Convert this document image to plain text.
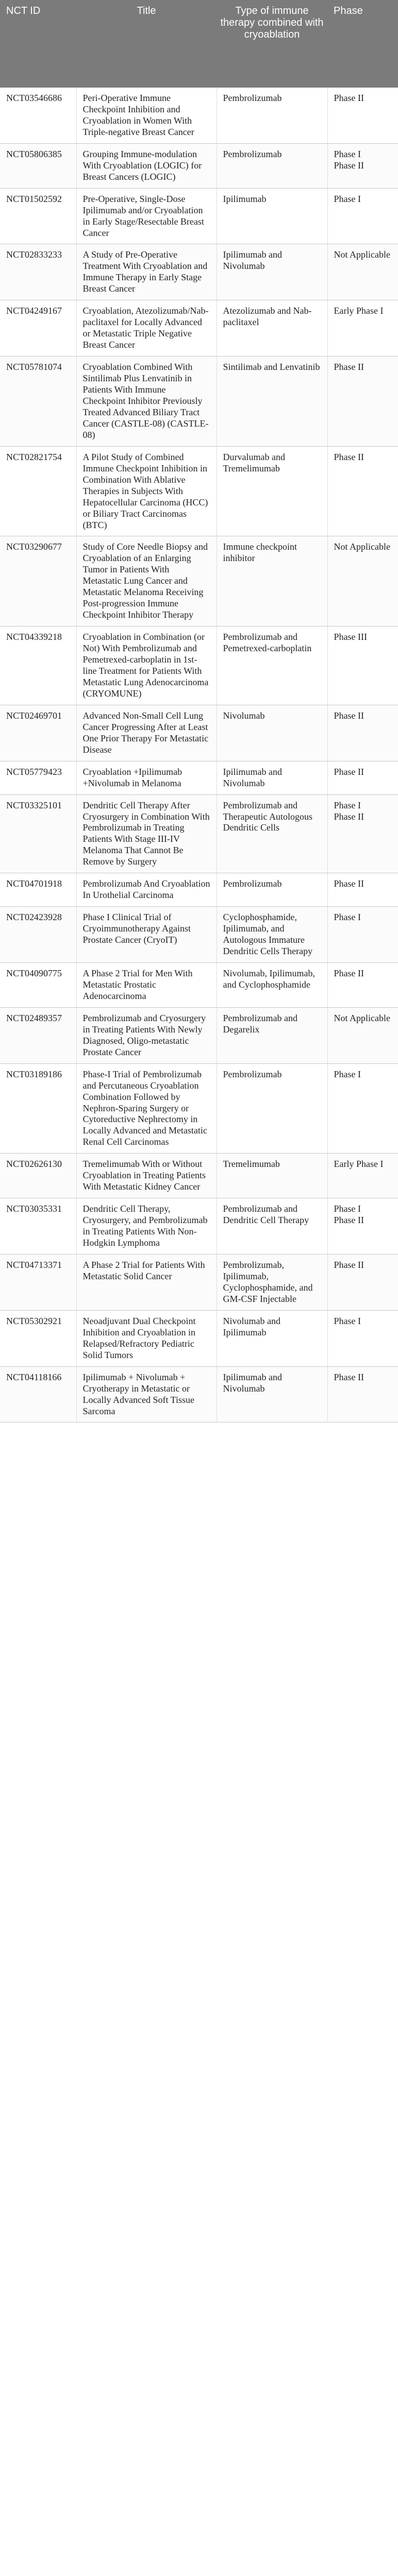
NCT ID	Title	Type of immune therapy combined with cryoablation	Phase
NCT03546686	Peri-Operative Immune Checkpoint Inhibition and Cryoablation in Women With Triple-negative Breast Cancer	Pembrolizumab	Phase II

NCT05806385	Grouping Immune-modulation With Cryoablation (LOGIC) for Breast Cancers (LOGIC)	Pembrolizumab	Phase I
Phase II

NCT01502592	Pre-Operative, Single-Dose Ipilimumab and/or Cryoablation in Early Stage/Resectable Breast Cancer	Ipilimumab	Phase I

NCT02833233	A Study of Pre-Operative Treatment With Cryoablation and Immune Therapy in Early Stage Breast Cancer	Ipilimumab and Nivolumab	Not Applicable

NCT04249167	Cryoablation, Atezolizumab/Nab-paclitaxel for Locally Advanced or Metastatic Triple Negative Breast Cancer	Atezolizumab and Nab-paclitaxel	Early Phase I

NCT05781074	Cryoablation Combined With Sintilimab Plus Lenvatinib in Patients With Immune Checkpoint Inhibitor Previously Treated Advanced Biliary Tract Cancer (CASTLE-08) (CASTLE-08)	Sintilimab and Lenvatinib	Phase II

NCT02821754	A Pilot Study of Combined Immune Checkpoint Inhibition in Combination With Ablative Therapies in Subjects With Hepatocellular Carcinoma (HCC) or Biliary Tract Carcinomas (BTC)	Durvalumab and Tremelimumab	Phase II

NCT03290677	Study of Core Needle Biopsy and Cryoablation of an Enlarging Tumor in Patients With Metastatic Lung Cancer and Metastatic Melanoma Receiving Post-progression Immune Checkpoint Inhibitor Therapy	Immune checkpoint inhibitor	Not Applicable

NCT04339218	Cryoablation in Combination (or Not) With Pembrolizumab and Pemetrexed-carboplatin in 1st-line Treatment for Patients With Metastatic Lung Adenocarcinoma (CRYOMUNE)	Pembrolizumab and Pemetrexed-carboplatin	Phase III

NCT02469701	Advanced Non-Small Cell Lung Cancer Progressing After at Least One Prior Therapy For Metastatic Disease	Nivolumab	Phase II

NCT05779423	Cryoablation +Ipilimumab +Nivolumab in Melanoma	Ipilimumab and Nivolumab	Phase II

NCT03325101	Dendritic Cell Therapy After Cryosurgery in Combination With Pembrolizumab in Treating Patients With Stage III-IV Melanoma That Cannot Be Remove by Surgery	Pembrolizumab and Therapeutic Autologous Dendritic Cells	Phase I
Phase II

NCT04701918	Pembrolizumab And Cryoablation In Urothelial Carcinoma	Pembrolizumab	Phase II

NCT02423928	Phase I Clinical Trial of Cryoimmunotherapy Against Prostate Cancer (CryoIT)	Cyclophosphamide, Ipilimumab, and Autologous Immature Dendritic Cells Therapy	Phase I

NCT04090775	A Phase 2 Trial for Men With Metastatic Prostatic Adenocarcinoma	Nivolumab, Ipilimumab, and Cyclophosphamide	Phase II

NCT02489357	Pembrolizumab and Cryosurgery in Treating Patients With Newly Diagnosed, Oligo-metastatic Prostate Cancer	Pembrolizumab and Degarelix	Not Applicable

NCT03189186	Phase-I Trial of Pembrolizumab and Percutaneous Cryoablation Combination Followed by Nephron-Sparing Surgery or Cytoreductive Nephrectomy in Locally Advanced and Metastatic Renal Cell Carcinomas	Pembrolizumab	Phase I

NCT02626130	Tremelimumab With or Without Cryoablation in Treating Patients With Metastatic Kidney Cancer	Tremelimumab	Early Phase I

NCT03035331	Dendritic Cell Therapy, Cryosurgery, and Pembrolizumab in Treating Patients With Non-Hodgkin Lymphoma	Pembrolizumab and Dendritic Cell Therapy	Phase I
Phase II

NCT04713371	A Phase 2 Trial for Patients With Metastatic Solid Cancer	Pembrolizumab, Ipilimumab, Cyclophosphamide, and GM-CSF Injectable	Phase II

NCT05302921	Neoadjuvant Dual Checkpoint Inhibition and Cryoablation in Relapsed/Refractory Pediatric Solid Tumors	Nivolumab and Ipilimumab	Phase I

NCT04118166	Ipilimumab + Nivolumab + Cryotherapy in Metastatic or Locally Advanced Soft Tissue Sarcoma	Ipilimumab and Nivolumab	Phase II
